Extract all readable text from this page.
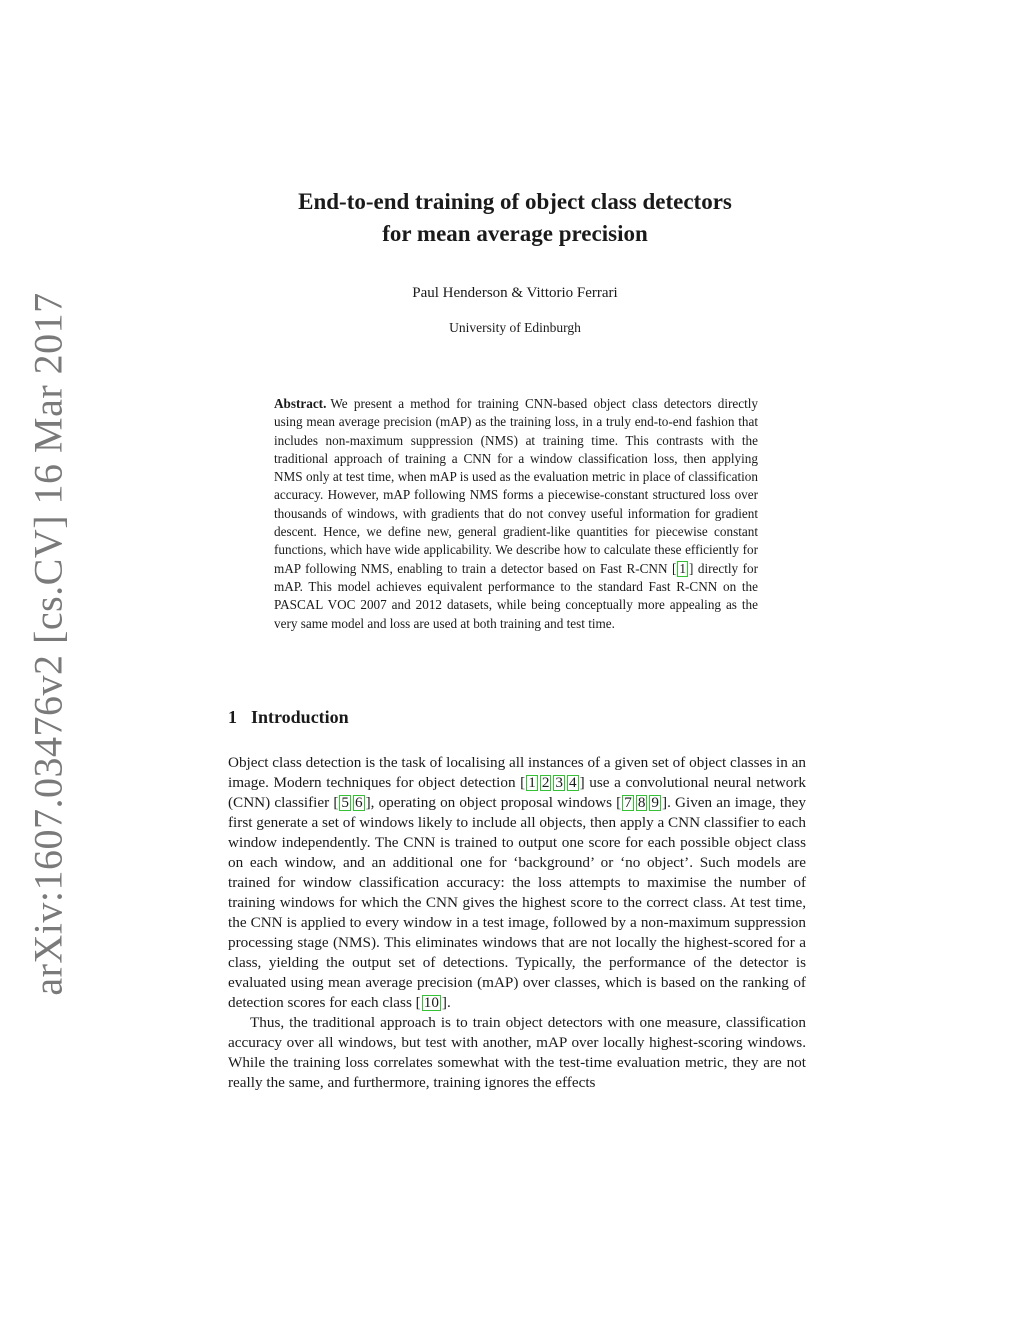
arXiv:1607.03476v2 [cs.CV] 16 Mar 2017
End-to-end training of object class detectors
for mean average precision
Paul Henderson & Vittorio Ferrari
University of Edinburgh
Abstract. We present a method for training CNN-based object class detectors directly using mean average precision (mAP) as the training loss, in a truly end-to-end fashion that includes non-maximum suppression (NMS) at training time. This contrasts with the traditional approach of training a CNN for a window classification loss, then applying NMS only at test time, when mAP is used as the evaluation metric in place of classification accuracy. However, mAP following NMS forms a piecewise-constant structured loss over thousands of windows, with gradients that do not convey useful information for gradient descent. Hence, we define new, general gradient-like quantities for piecewise constant functions, which have wide applicability. We describe how to calculate these efficiently for mAP following NMS, enabling to train a detector based on Fast R-CNN [ 1 ] directly for mAP. This model achieves equivalent performance to the standard Fast R-CNN on the PASCAL VOC 2007 and 2012 datasets, while being conceptually more appealing as the very same model and loss are used at both training and test time.
1 Introduction

Object class detection is the task of localising all instances of a given set of object classes in an image. Modern techniques for object detection [ 1 2 3 4 ] use a convolutional neural network (CNN) classifier [ 5 6 ], operating on object proposal windows [ 7 8 9 ]. Given an image, they first generate a set of windows likely to include all objects, then apply a CNN classifier to each window independently. The CNN is trained to output one score for each possible object class on each window, and an additional one for ‘background’ or ‘no object’. Such models are trained for window classification accuracy: the loss attempts to maximise the number of training windows for which the CNN gives the highest score to the correct class. At test time, the CNN is applied to every window in a test image, followed by a non-maximum suppression processing stage (NMS). This eliminates windows that are not locally the highest-scored for a class, yielding the output set of detections. Typically, the performance of the detector is evaluated using mean average precision (mAP) over classes, which is based on the ranking of detection scores for each class [ 10 ].

Thus, the traditional approach is to train object detectors with one measure, classification accuracy over all windows, but test with another, mAP over locally highest-scoring windows. While the training loss correlates somewhat with the test-time evaluation metric, they are not really the same, and furthermore, training ignores the effects
